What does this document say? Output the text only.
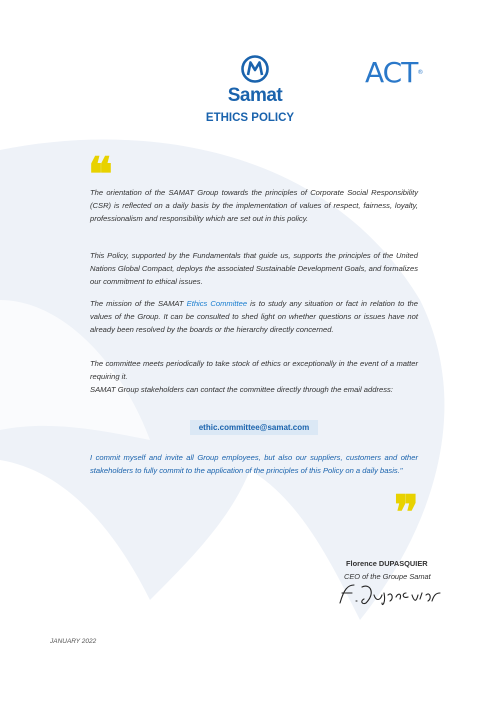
Samat
ACT®
ETHICS POLICY
❝

The orientation of the SAMAT Group towards the principles of Corporate Social Responsibility (CSR) is reflected on a daily basis by the implementation of values of respect, fairness, loyalty, professionalism and responsibility which are set out in this policy.

This Policy, supported by the Fundamentals that guide us, supports the principles of the United Nations Global Compact, deploys the associated Sustainable Development Goals, and formalizes our commitment to ethical issues.

The mission of the SAMAT Ethics Committee is to study any situation or fact in relation to the values of the Group. It can be consulted to shed light on whether questions or issues have not already been resolved by the boards or the hierarchy directly concerned.

The committee meets periodically to take stock of ethics or exceptionally in the event of a matter requiring it.
SAMAT Group stakeholders can contact the committee directly through the email address:

ethic.committee@samat.com

I commit myself and invite all Group employees, but also our suppliers, customers and other stakeholders to fully commit to the application of the principles of this Policy on a daily basis."

❞
Florence DUPASQUIER
CEO of the Groupe Samat
JANUARY 2022
